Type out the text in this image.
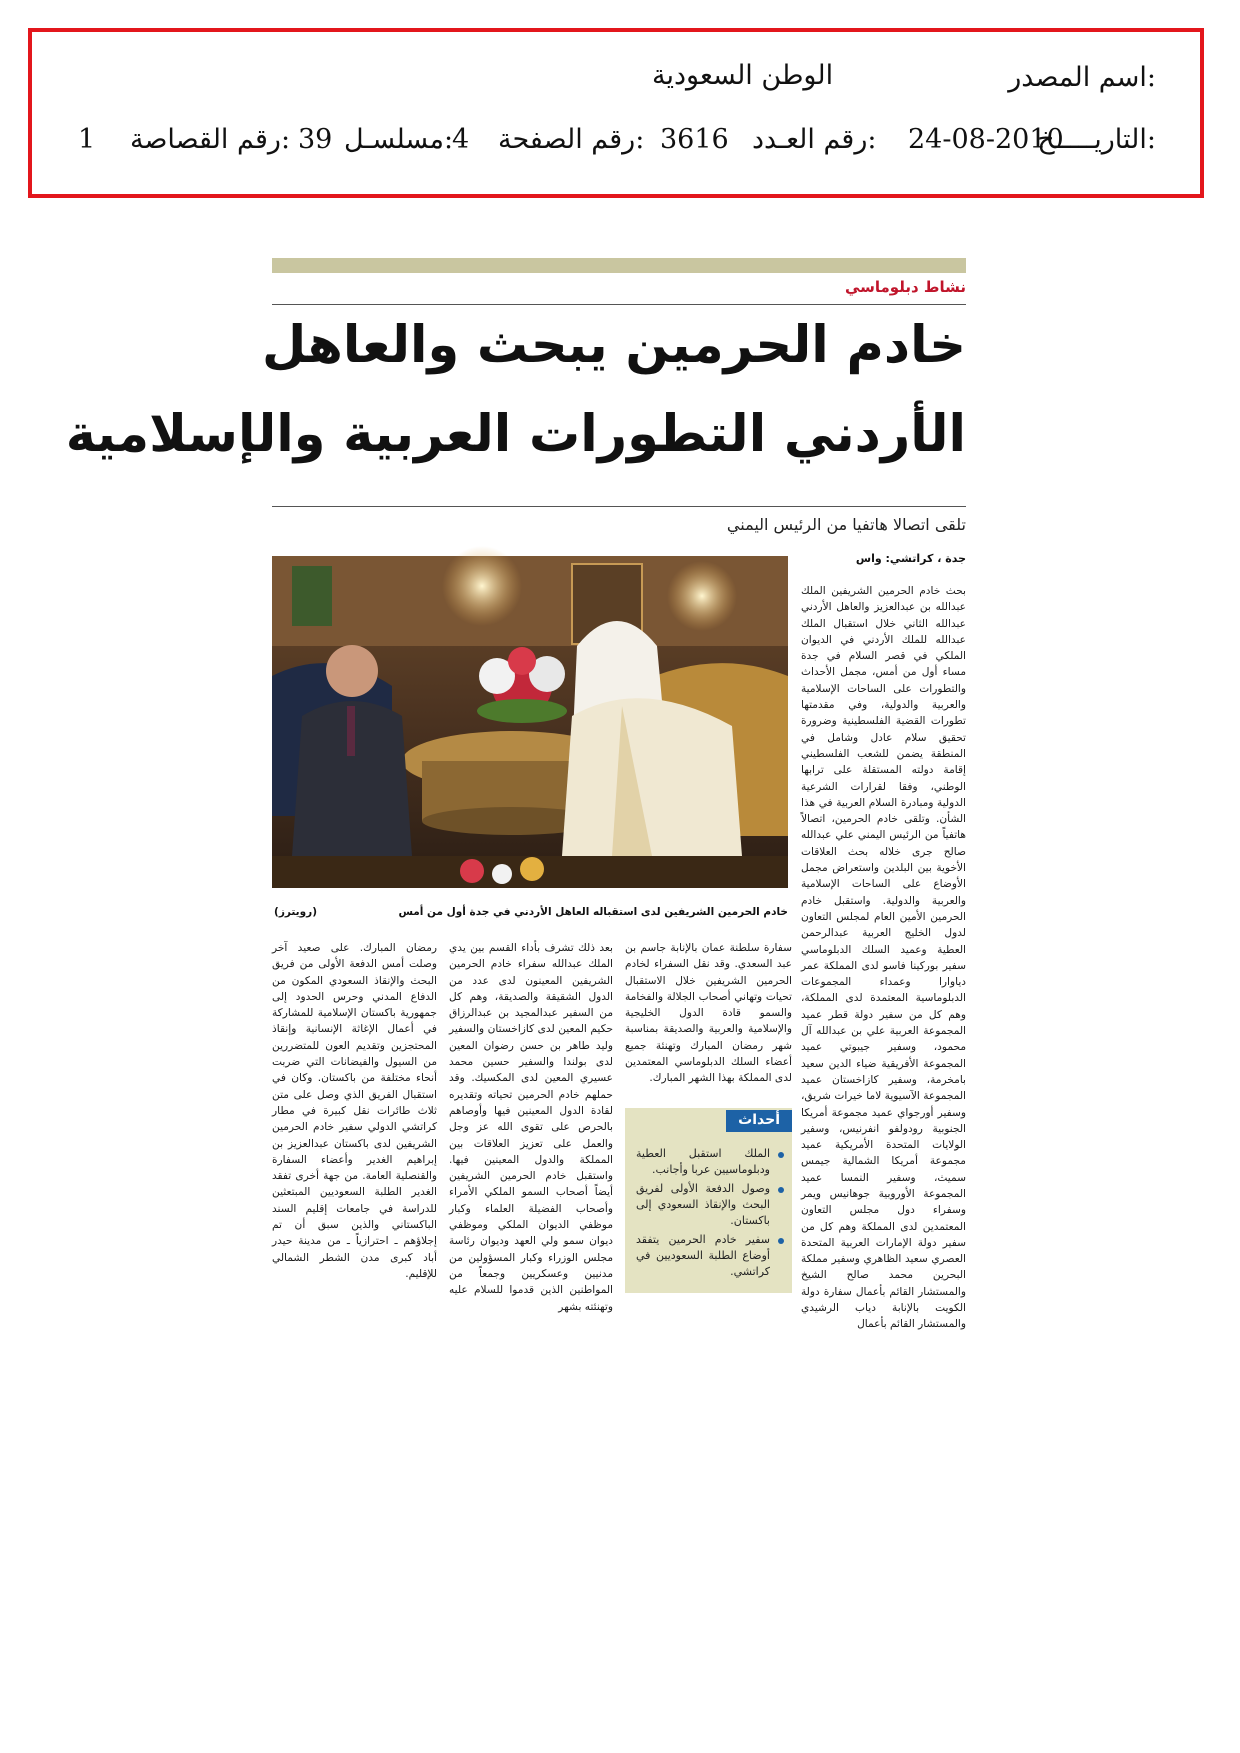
اسم المصدر:
الوطن السعودية
التاريـــــخ:
24-08-2010
رقم العـدد:
3616
رقم الصفحة:
4
مسلسـل:
39
رقم القصاصة:
1
نشاط دبلوماسي
خادم الحرمين يبحث والعاهل
الأردني التطورات العربية والإسلامية
تلقى اتصالا هاتفيا من الرئيس اليمني
جدة ، كراتشي: واس
خادم الحرمين الشريفين لدى استقباله العاهل الأردني في جدة أول من أمس
(رويترز)

بحث خادم الحرمين الشريفين الملك عبدالله بن عبدالعزيز والعاهل الأردني عبدالله الثاني خلال استقبال الملك عبدالله للملك الأردني في الديوان الملكي في قصر السلام في جدة مساء أول من أمس، مجمل الأحداث والتطورات على الساحات الإسلامية والعربية والدولية، وفي مقدمتها تطورات القضية الفلسطينية وضرورة تحقيق سلام عادل وشامل في المنطقة يضمن للشعب الفلسطيني إقامة دولته المستقلة على ترابها الوطني، وفقا لقرارات الشرعية الدولية ومبادرة السلام العربية في هذا الشأن. وتلقى خادم الحرمين، اتصالاً هاتفياً من الرئيس اليمني علي عبدالله صالح جرى خلاله بحث العلاقات الأخوية بين البلدين واستعراض مجمل الأوضاع على الساحات الإسلامية والعربية والدولية. واستقبل خادم الحرمين الأمين العام لمجلس التعاون لدول الخليج العربية عبدالرحمن العطية وعميد السلك الدبلوماسي سفير بوركينا فاسو لدى المملكة عمر دياوارا وعمداء المجموعات الدبلوماسية المعتمدة لدى المملكة، وهم كل من سفير دولة قطر عميد المجموعة العربية علي بن عبدالله آل محمود، وسفير جيبوتي عميد المجموعة الأفريقية ضياء الدين سعيد بامخرمة، وسفير كازاخستان عميد المجموعة الآسيوية لاما خيرات شريق، وسفير أورجواي عميد مجموعة أمريكا الجنوبية رودولفو انفرنيس، وسفير الولايات المتحدة الأمريكية عميد مجموعة أمريكا الشمالية جيمس سميث، وسفير النمسا عميد المجموعة الأوروبية جوهانيس ويمر وسفراء دول مجلس التعاون المعتمدين لدى المملكة وهم كل من سفير دولة الإمارات العربية المتحدة العصري سعيد الظاهري وسفير مملكة البحرين محمد صالح الشيخ والمستشار القائم بأعمال سفارة دولة الكويت بالإنابة دياب الرشيدي والمستشار القائم بأعمال

سفارة سلطنة عمان بالإنابة جاسم بن عبد السعدي. وقد نقل السفراء لخادم الحرمين الشريفين خلال الاستقبال تحيات وتهاني أصحاب الجلالة والفخامة والسمو قادة الدول الخليجية والإسلامية والعربية والصديقة بمناسبة شهر رمضان المبارك وتهنئة جميع أعضاء السلك الدبلوماسي المعتمدين لدى المملكة بهذا الشهر المبارك.

بعد ذلك تشرف بأداء القسم بين يدي الملك عبدالله سفراء خادم الحرمين الشريفين المعينون لدى عدد من الدول الشقيقة والصديقة، وهم كل من السفير عبدالمجيد بن عبدالرزاق حكيم المعين لدى كازاخستان والسفير وليد طاهر بن حسن رضوان المعين لدى بولندا والسفير حسين محمد عسيري المعين لدى المكسيك. وقد حملهم خادم الحرمين تحياته وتقديره لقادة الدول المعينين فيها وأوصاهم بالحرص على تقوى الله عز وجل والعمل على تعزيز العلاقات بين المملكة والدول المعينين فيها. واستقبل خادم الحرمين الشريفين أيضاً أصحاب السمو الملكي الأمراء وأصحاب الفضيلة العلماء وكبار موظفي الديوان الملكي وموظفي ديوان سمو ولي العهد وديوان رئاسة مجلس الوزراء وكبار المسؤولين من مدنيين وعسكريين وجمعاً من المواطنين الذين قدموا للسلام عليه وتهنئته بشهر

رمضان المبارك. على صعيد آخر وصلت أمس الدفعة الأولى من فريق البحث والإنقاذ السعودي المكون من الدفاع المدني وحرس الحدود إلى جمهورية باكستان الإسلامية للمشاركة في أعمال الإغاثة الإنسانية وإنقاذ المحتجزين وتقديم العون للمتضررين من السيول والفيضانات التي ضربت أنحاء مختلفة من باكستان. وكان في استقبال الفريق الذي وصل على متن ثلاث طائرات نقل كبيرة في مطار كراتشي الدولي سفير خادم الحرمين الشريفين لدى باكستان عبدالعزيز بن إبراهيم الغدير وأعضاء السفارة والقنصلية العامة. من جهة أخرى تفقد الغدير الطلبة السعوديين المبتعثين للدراسة في جامعات إقليم السند الباكستاني والذين سبق أن تم إجلاؤهم ـ احترازياً ـ من مدينة حيدر أباد كبرى مدن الشطر الشمالي للإقليم.

أحداث
الملك استقبل العطية ودبلوماسيين عربا وأجانب.
وصول الدفعة الأولى لفريق البحث والإنقاذ السعودي إلى باكستان.
سفير خادم الحرمين يتفقد أوضاع الطلبة السعوديين في كراتشي.
